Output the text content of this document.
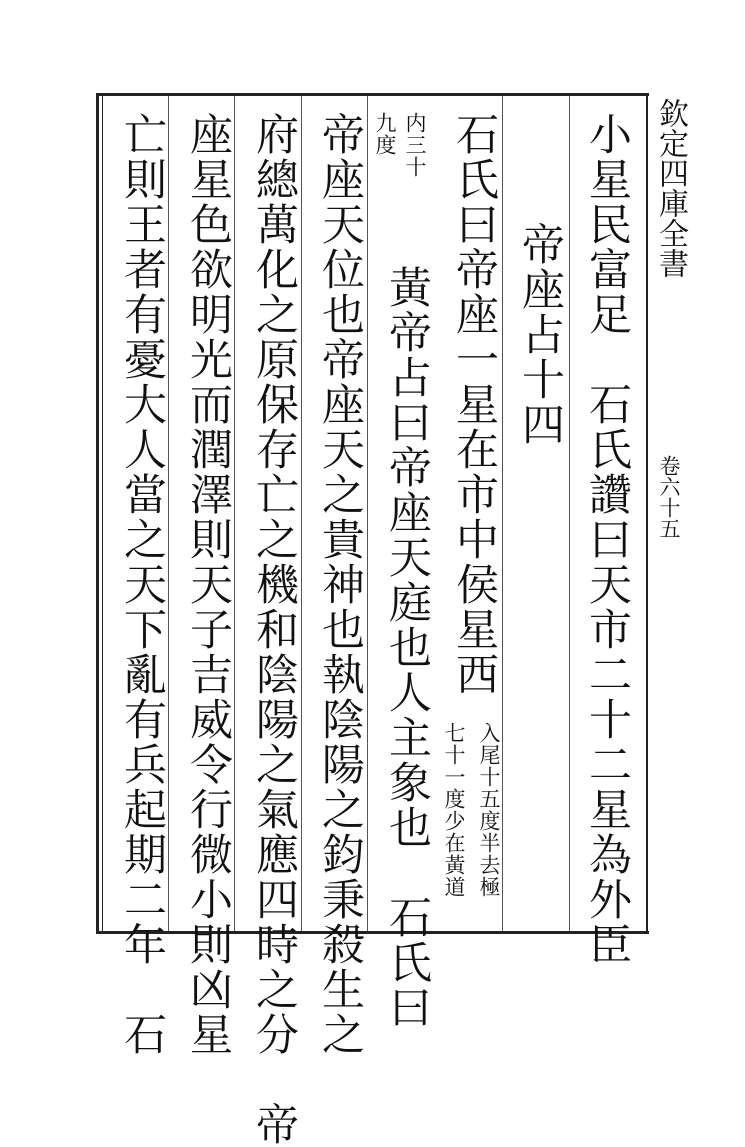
欽定四庫全書
卷六十五
小星民富足　石氏讚曰天市二十二星為外臣
帝座占十四
石氏曰帝座一星在市中侯星西
入尾十五度半去極
七十一度少在黃道
内三十
九度
黃帝占曰帝座天庭也人主象也　石氏曰
帝座天位也帝座天之貴神也執陰陽之鈞秉殺生之
府總萬化之原保存亡之機和陰陽之氣應四時之分　帝
座星色欲明光而潤澤則天子吉威令行微小則凶星
亡則王者有憂大人當之天下亂有兵起期二年　石
